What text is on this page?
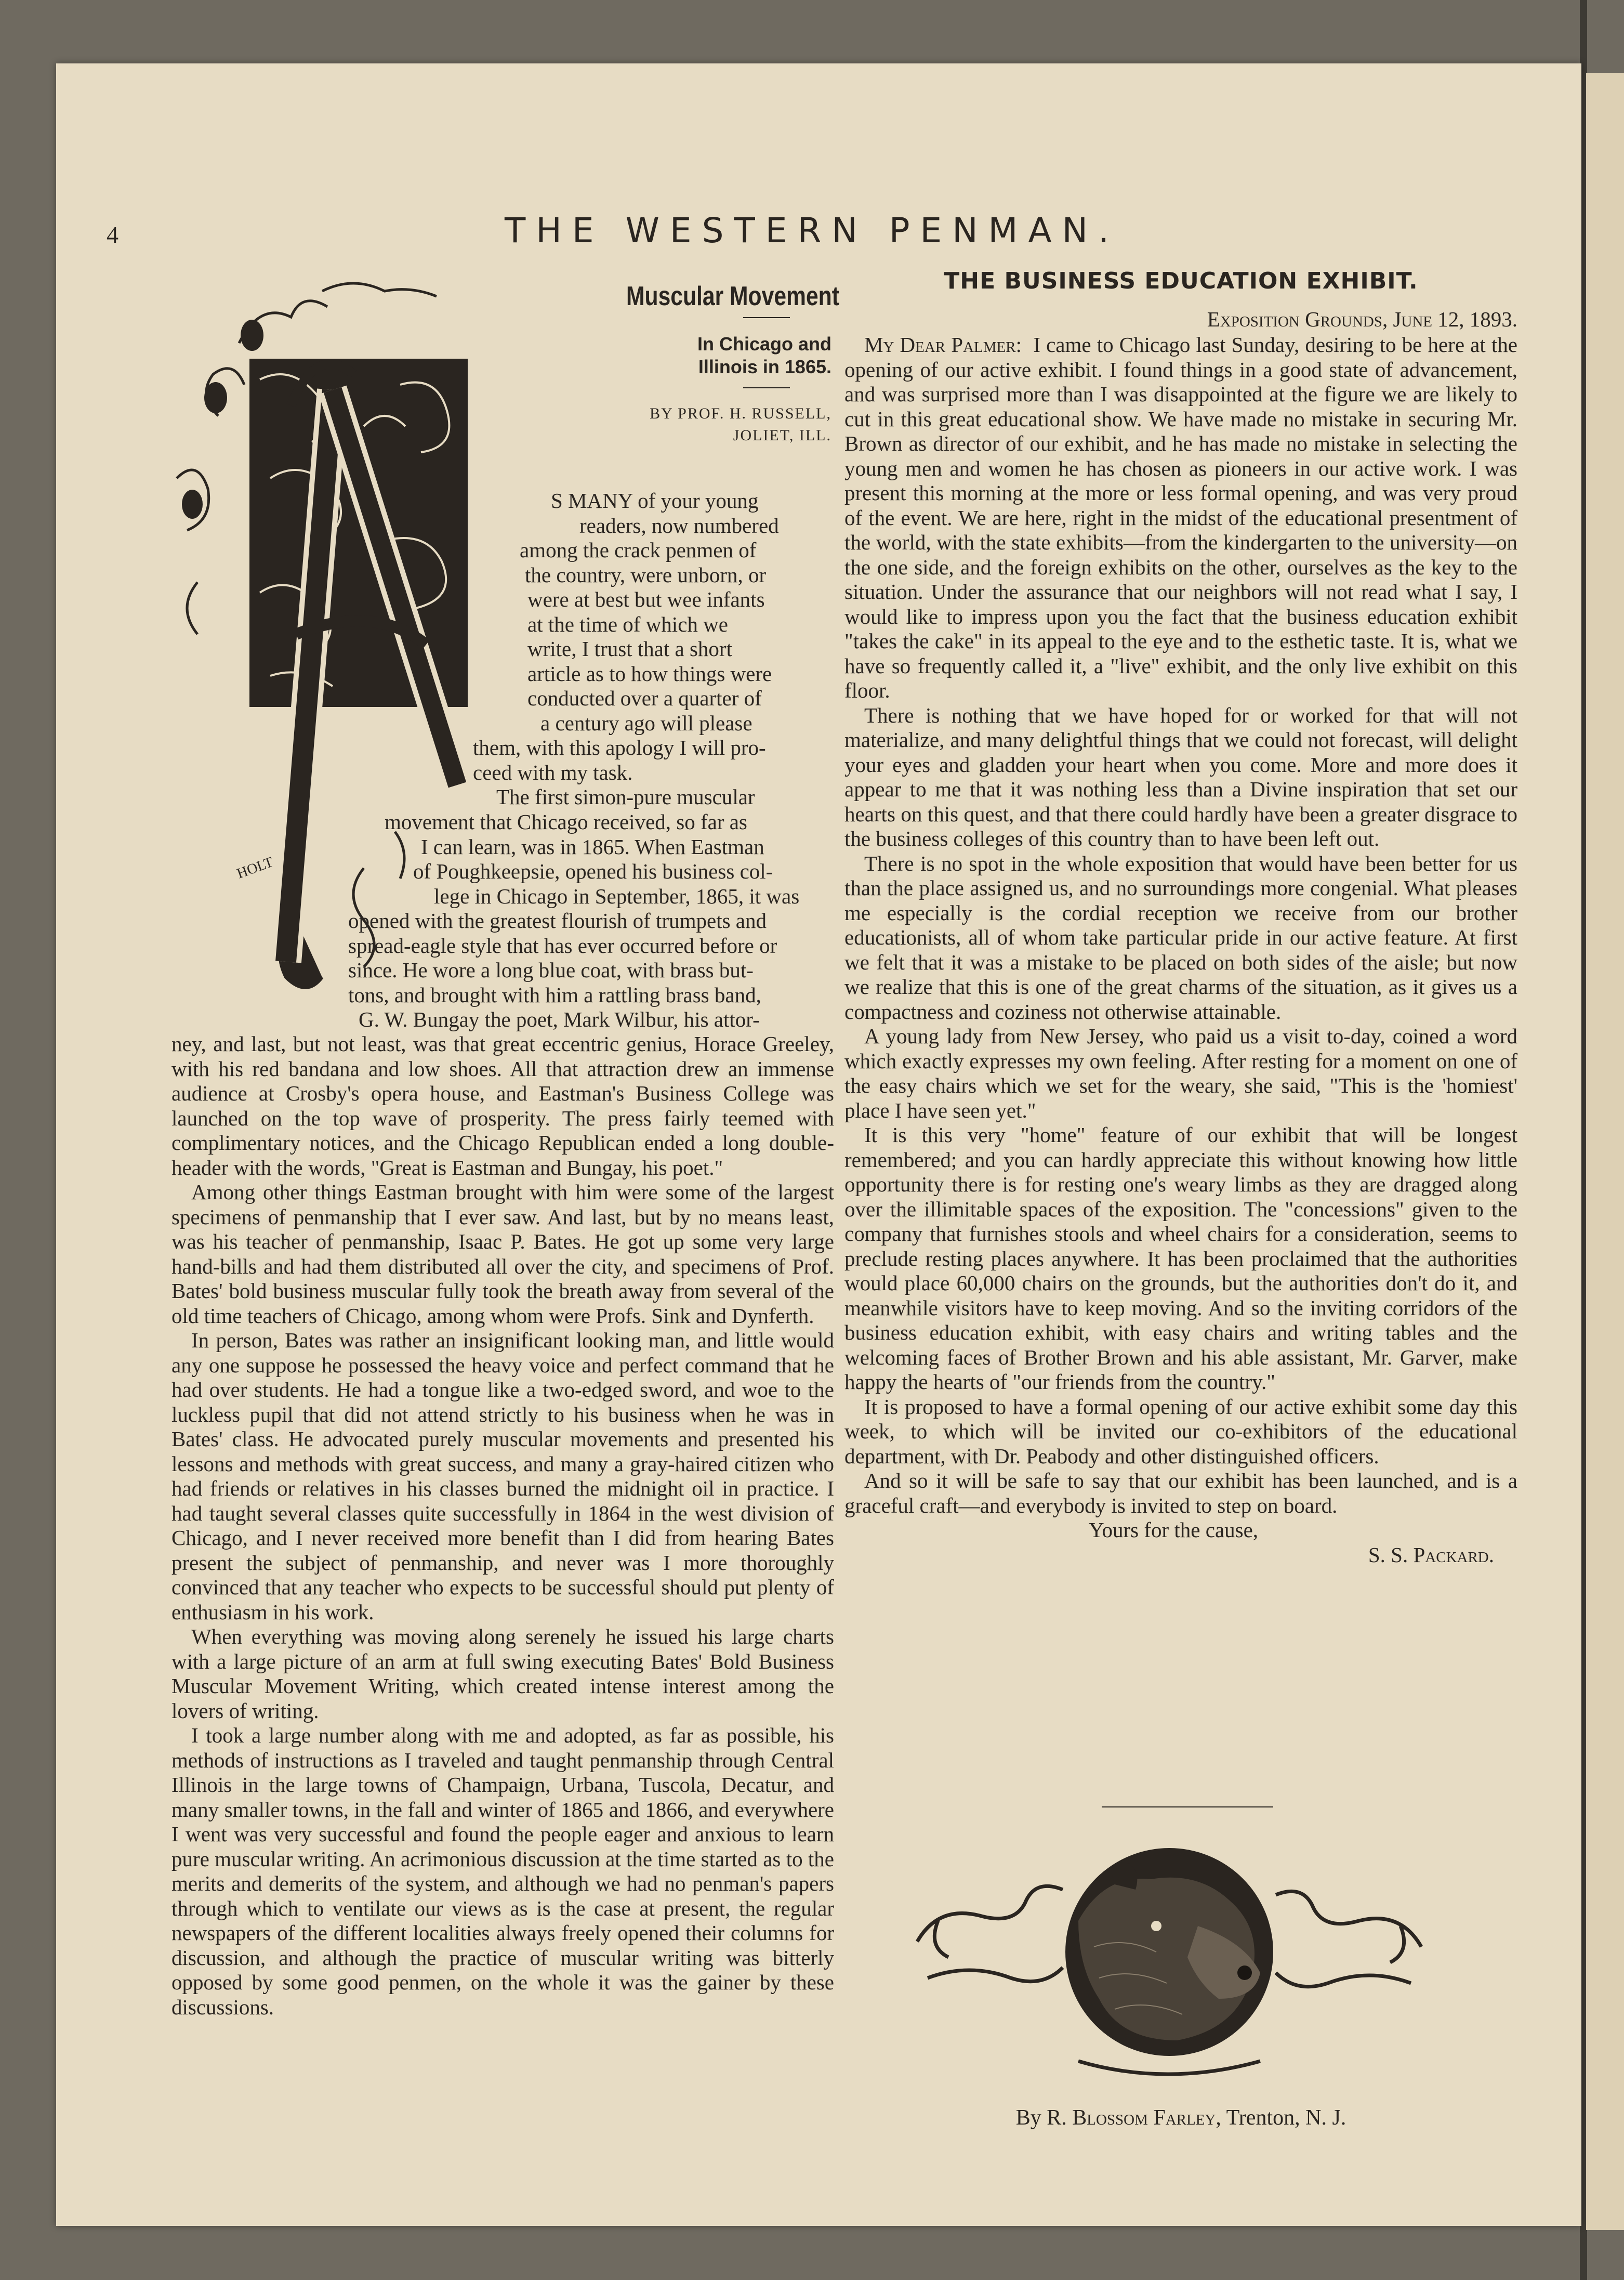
4	THE WESTERN PENMAN.
Muscular Movement
In Chicago and Illinois in 1865.
BY PROF. H. RUSSELL,
JOLIET, ILL.
HOLT
S MANY of your young
readers, now numbered
among the crack penmen of
the country, were unborn, or
were at best but wee infants
at the time of which we
write, I trust that a short
article as to how things were
conducted over a quarter of
a century ago will please
them, with this apology I will pro-
ceed with my task.
The first simon-pure muscular
movement that Chicago received, so far as
I can learn, was in 1865. When Eastman
of Poughkeepsie, opened his business col-
lege in Chicago in September, 1865, it was
opened with the greatest flourish of trumpets and
spread-eagle style that has ever occurred before or
since. He wore a long blue coat, with brass but-
tons, and brought with him a rattling brass band,
G. W. Bungay the poet, Mark Wilbur, his attor-

ney, and last, but not least, was that great eccentric genius, Horace Greeley, with his red bandana and low shoes. All that attraction drew an immense audience at Crosby's opera house, and Eastman's Business College was launched on the top wave of prosperity. The press fairly teemed with complimentary notices, and the Chicago Republican ended a long double-header with the words, "Great is Eastman and Bungay, his poet."

Among other things Eastman brought with him were some of the largest specimens of penmanship that I ever saw. And last, but by no means least, was his teacher of penmanship, Isaac P. Bates. He got up some very large hand-bills and had them distributed all over the city, and specimens of Prof. Bates' bold business muscular fully took the breath away from several of the old time teachers of Chicago, among whom were Profs. Sink and Dynferth.

In person, Bates was rather an insignificant looking man, and little would any one suppose he possessed the heavy voice and perfect command that he had over students. He had a tongue like a two-edged sword, and woe to the luckless pupil that did not attend strictly to his business when he was in Bates' class. He advocated purely muscular movements and presented his lessons and methods with great success, and many a gray-haired citizen who had friends or relatives in his classes burned the midnight oil in practice. I had taught several classes quite successfully in 1864 in the west division of Chicago, and I never received more benefit than I did from hearing Bates present the subject of penmanship, and never was I more thoroughly convinced that any teacher who expects to be successful should put plenty of enthusiasm in his work.

When everything was moving along serenely he issued his large charts with a large picture of an arm at full swing executing Bates' Bold Business Muscular Movement Writing, which created intense interest among the lovers of writing.

I took a large number along with me and adopted, as far as possible, his methods of instructions as I traveled and taught penmanship through Central Illinois in the large towns of Champaign, Urbana, Tuscola, Decatur, and many smaller towns, in the fall and winter of 1865 and 1866, and everywhere I went was very successful and found the people eager and anxious to learn pure muscular writing. An acrimonious discussion at the time started as to the merits and demerits of the system, and although we had no penman's papers through which to ventilate our views as is the case at present, the regular newspapers of the different localities always freely opened their columns for discussion, and although the practice of muscular writing was bitterly opposed by some good penmen, on the whole it was the gainer by these discussions.

THE BUSINESS EDUCATION EXHIBIT.
Exposition Grounds, June 12, 1893.

My Dear Palmer: I came to Chicago last Sunday, desiring to be here at the opening of our active exhibit. I found things in a good state of advancement, and was surprised more than I was disappointed at the figure we are likely to cut in this great educational show. We have made no mistake in securing Mr. Brown as director of our exhibit, and he has made no mistake in selecting the young men and women he has chosen as pioneers in our active work. I was present this morning at the more or less formal opening, and was very proud of the event. We are here, right in the midst of the educational presentment of the world, with the state exhibits—from the kindergarten to the university—on the one side, and the foreign exhibits on the other, ourselves as the key to the situation. Under the assurance that our neighbors will not read what I say, I would like to impress upon you the fact that the business education exhibit "takes the cake" in its appeal to the eye and to the esthetic taste. It is, what we have so frequently called it, a "live" exhibit, and the only live exhibit on this floor.

There is nothing that we have hoped for or worked for that will not materialize, and many delightful things that we could not forecast, will delight your eyes and gladden your heart when you come. More and more does it appear to me that it was nothing less than a Divine inspiration that set our hearts on this quest, and that there could hardly have been a greater disgrace to the business colleges of this country than to have been left out.

There is no spot in the whole exposition that would have been better for us than the place assigned us, and no surroundings more congenial. What pleases me especially is the cordial reception we receive from our brother educationists, all of whom take particular pride in our active feature. At first we felt that it was a mistake to be placed on both sides of the aisle; but now we realize that this is one of the great charms of the situation, as it gives us a compactness and coziness not otherwise attainable.

A young lady from New Jersey, who paid us a visit to-day, coined a word which exactly expresses my own feeling. After resting for a moment on one of the easy chairs which we set for the weary, she said, "This is the 'homiest' place I have seen yet."

It is this very "home" feature of our exhibit that will be longest remembered; and you can hardly appreciate this without knowing how little opportunity there is for resting one's weary limbs as they are dragged along over the illimitable spaces of the exposition. The "concessions" given to the company that furnishes stools and wheel chairs for a consideration, seems to preclude resting places anywhere. It has been proclaimed that the authorities would place 60,000 chairs on the grounds, but the authorities don't do it, and meanwhile visitors have to keep moving. And so the inviting corridors of the business education exhibit, with easy chairs and writing tables and the welcoming faces of Brother Brown and his able assistant, Mr. Garver, make happy the hearts of "our friends from the country."

It is proposed to have a formal opening of our active exhibit some day this week, to which will be invited our co-exhibitors of the educational department, with Dr. Peabody and other distinguished officers.

And so it will be safe to say that our exhibit has been launched, and is a graceful craft—and everybody is invited to step on board.

Yours for the cause,
S. S. Packard.
By R. Blossom Farley, Trenton, N. J.
